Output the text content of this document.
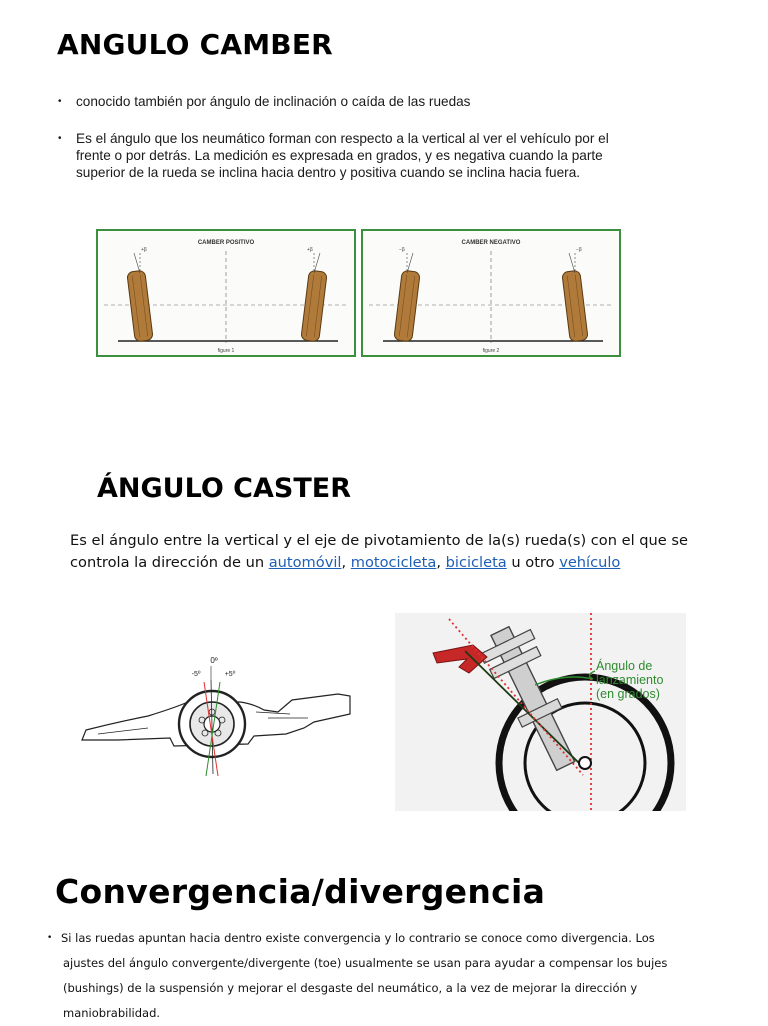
ANGULO CAMBER
• conocido también por ángulo de inclinación o caída de las ruedas
• Es el ángulo que los neumático forman con respecto a la vertical al ver el vehículo por el
frente o por detrás. La medición es expresada en grados, y es negativa cuando la parte
superior de la rueda se inclina hacia dentro y positiva cuando se inclina hacia fuera.
CAMBER POSITIVO
+β	+β
figure 1
CAMBER NEGATIVO
−β	−β
figure 2
ÁNGULO CASTER
Es el ángulo entre la vertical y el eje de pivotamiento de la(s) rueda(s) con el que se
controla la dirección de un automóvil, motocicleta, bicicleta u otro vehículo
0º
-5º	+5º
Ángulo de
lanzamiento
(en grados)
Convergencia/divergencia
• Si las ruedas apuntan hacia dentro existe convergencia y lo contrario se conoce como divergencia. Los
ajustes del ángulo convergente/divergente (toe) usualmente se usan para ayudar a compensar los bujes
(bushings) de la suspensión y mejorar el desgaste del neumático, a la vez de mejorar la dirección y
maniobrabilidad.
